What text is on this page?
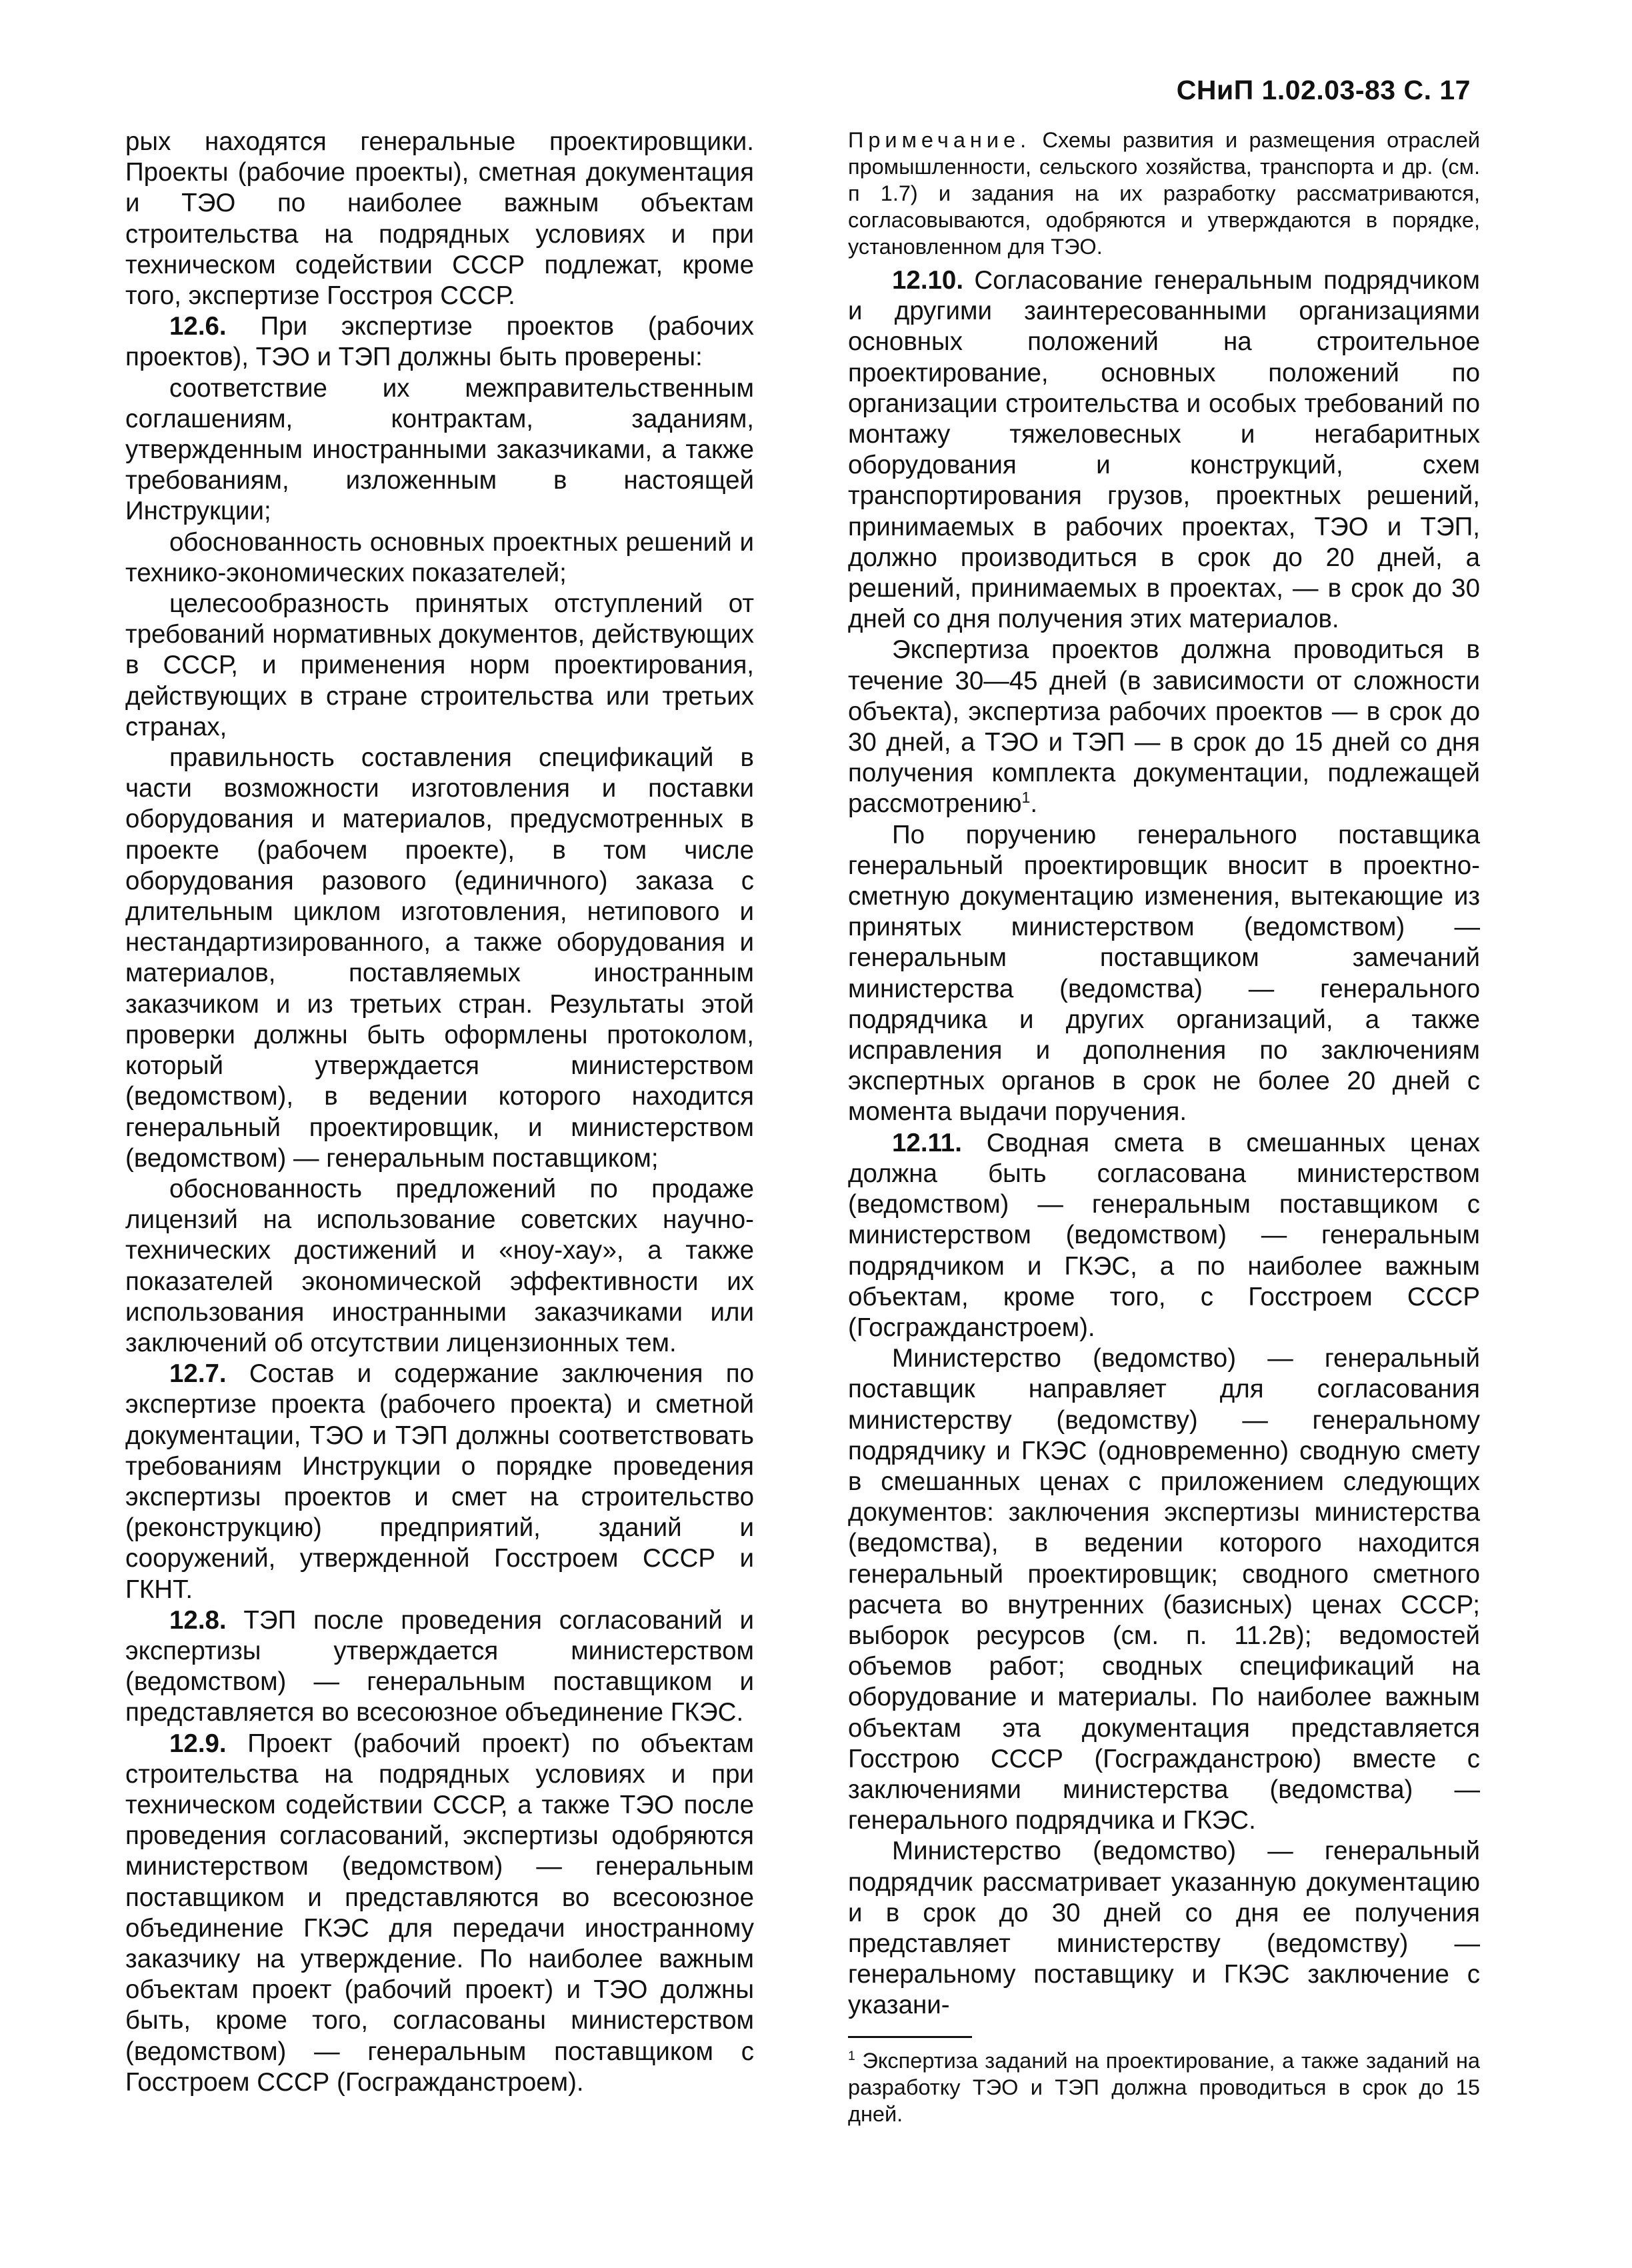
СНиП 1.02.03-83 С. 17

рых находятся генеральные проектировщики. Проекты (рабочие проекты), сметная документация и ТЭО по наиболее важным объектам строительства на подрядных условиях и при техническом содействии СССР подлежат, кроме того, экспертизе Госстроя СССР.

12.6. При экспертизе проектов (рабочих проектов), ТЭО и ТЭП должны быть проверены:

соответствие их межправительственным соглашениям, контрактам, заданиям, утвержденным иностранными заказчиками, а также требованиям, изложенным в настоящей Инструкции;

обоснованность основных проектных решений и технико-экономических показателей;

целесообразность принятых отступлений от требований нормативных документов, действующих в СССР, и применения норм проектирования, действующих в стране строительства или третьих странах,

правильность составления спецификаций в части возможности изготовления и поставки оборудования и материалов, предусмотренных в проекте (рабочем проекте), в том числе оборудования разового (единичного) заказа с длительным циклом изготовления, нетипового и нестандартизированного, а также оборудования и материалов, поставляемых иностранным заказчиком и из третьих стран. Результаты этой проверки должны быть оформлены протоколом, который утверждается министерством (ведомством), в ведении которого находится генеральный проектировщик, и министерством (ведомством) — генеральным поставщиком;

обоснованность предложений по продаже лицензий на использование советских научно-технических достижений и «ноу-хау», а также показателей экономической эффективности их использования иностранными заказчиками или заключений об отсутствии лицензионных тем.

12.7. Состав и содержание заключения по экспертизе проекта (рабочего проекта) и сметной документации, ТЭО и ТЭП должны соответствовать требованиям Инструкции о порядке проведения экспертизы проектов и смет на строительство (реконструкцию) предприятий, зданий и сооружений, утвержденной Госстроем СССР и ГКНТ.

12.8. ТЭП после проведения согласований и экспертизы утверждается министерством (ведомством) — генеральным поставщиком и представляется во всесоюзное объединение ГКЭС.

12.9. Проект (рабочий проект) по объектам строительства на подрядных условиях и при техническом содействии СССР, а также ТЭО после проведения согласований, экспертизы одобряются министерством (ведомством) — генеральным поставщиком и представляются во всесоюзное объединение ГКЭС для передачи иностранному заказчику на утверждение. По наиболее важным объектам проект (рабочий проект) и ТЭО должны быть, кроме того, согласованы министерством (ведомством) — генеральным поставщиком с Госстроем СССР (Госгражданстроем).

Примечание. Схемы развития и размещения отраслей промышленности, сельского хозяйства, транспорта и др. (см. п 1.7) и задания на их разработку рассматриваются, согласовываются, одобряются и утверждаются в порядке, установленном для ТЭО.

12.10. Согласование генеральным подрядчиком и другими заинтересованными организациями основных положений на строительное проектирование, основных положений по организации строительства и особых требований по монтажу тяжеловесных и негабаритных оборудования и конструкций, схем транспортирования грузов, проектных решений, принимаемых в рабочих проектах, ТЭО и ТЭП, должно производиться в срок до 20 дней, а решений, принимаемых в проектах, — в срок до 30 дней со дня получения этих материалов.

Экспертиза проектов должна проводиться в течение 30—45 дней (в зависимости от сложности объекта), экспертиза рабочих проектов — в срок до 30 дней, а ТЭО и ТЭП — в срок до 15 дней со дня получения комплекта документации, подлежащей рассмотрению$^1$.

По поручению генерального поставщика генеральный проектировщик вносит в проектно-сметную документацию изменения, вытекающие из принятых министерством (ведомством) — генеральным поставщиком замечаний министерства (ведомства) — генерального подрядчика и других организаций, а также исправления и дополнения по заключениям экспертных органов в срок не более 20 дней с момента выдачи поручения.

12.11. Сводная смета в смешанных ценах должна быть согласована министерством (ведомством) — генеральным поставщиком с министерством (ведомством) — генеральным подрядчиком и ГКЭС, а по наиболее важным объектам, кроме того, с Госстроем СССР (Госгражданстроем).

Министерство (ведомство) — генеральный поставщик направляет для согласования министерству (ведомству) — генеральному подрядчику и ГКЭС (одновременно) сводную смету в смешанных ценах с приложением следующих документов: заключения экспертизы министерства (ведомства), в ведении которого находится генеральный проектировщик; сводного сметного расчета во внутренних (базисных) ценах СССР; выборок ресурсов (см. п. 11.2в); ведомостей объемов работ; сводных спецификаций на оборудование и материалы. По наиболее важным объектам эта документация представляется Госстрою СССР (Госгражданстрою) вместе с заключениями министерства (ведомства) — генерального подрядчика и ГКЭС.

Министерство (ведомство) — генеральный подрядчик рассматривает указанную документацию и в срок до 30 дней со дня ее получения представляет министерству (ведомству) — генеральному поставщику и ГКЭС заключение с указани-

$^1$ Экспертиза заданий на проектирование, а также заданий на разработку ТЭО и ТЭП должна проводиться в срок до 15 дней.
